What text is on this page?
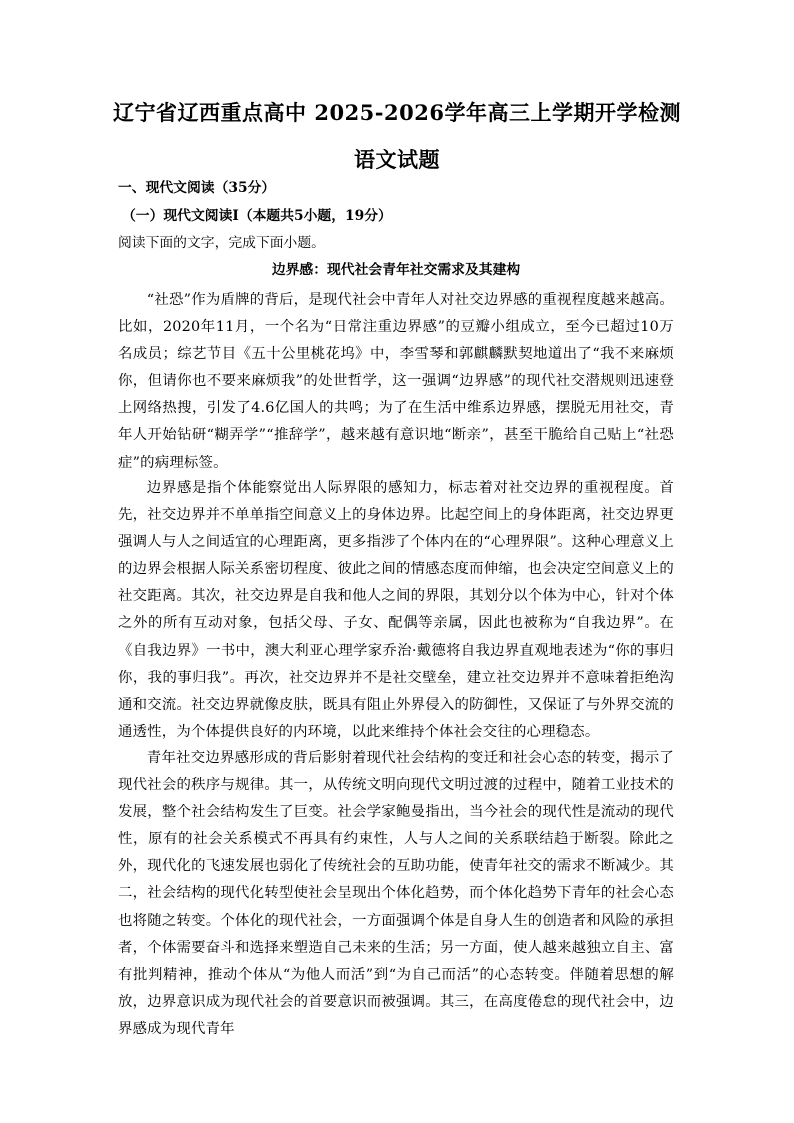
辽宁省辽西重点高中 2025-2026学年高三上学期开学检测
语文试题
一、现代文阅读（35分）
（一）现代文阅读Ⅰ（本题共5小题，19分）
阅读下面的文字，完成下面小题。
边界感：现代社会青年社交需求及其建构
“社恐”作为盾牌的背后，是现代社会中青年人对社交边界感的重视程度越来越高。比如，2020年11月，一个名为“日常注重边界感”的豆瓣小组成立，至今已超过10万名成员；综艺节目《五十公里桃花坞》中，李雪琴和郭麒麟默契地道出了“我不来麻烦你，但请你也不要来麻烦我”的处世哲学，这一强调“边界感”的现代社交潜规则迅速登上网络热搜，引发了4.6亿国人的共鸣；为了在生活中维系边界感，摆脱无用社交，青年人开始钻研“糊弄学”“推辞学”，越来越有意识地“断亲”，甚至干脆给自己贴上“社恐症”的病理标签。
边界感是指个体能察觉出人际界限的感知力，标志着对社交边界的重视程度。首先，社交边界并不单单指空间意义上的身体边界。比起空间上的身体距离，社交边界更强调人与人之间适宜的心理距离，更多指涉了个体内在的“心理界限”。这种心理意义上的边界会根据人际关系密切程度、彼此之间的情感态度而伸缩，也会决定空间意义上的社交距离。其次，社交边界是自我和他人之间的界限，其划分以个体为中心，针对个体之外的所有互动对象，包括父母、子女、配偶等亲属，因此也被称为“自我边界”。在《自我边界》一书中，澳大利亚心理学家乔治·戴德将自我边界直观地表述为“你的事归你，我的事归我”。再次，社交边界并不是社交壁垒，建立社交边界并不意味着拒绝沟通和交流。社交边界就像皮肤，既具有阻止外界侵入的防御性，又保证了与外界交流的通透性，为个体提供良好的内环境，以此来维持个体社会交往的心理稳态。
青年社交边界感形成的背后影射着现代社会结构的变迁和社会心态的转变，揭示了现代社会的秩序与规律。其一，从传统文明向现代文明过渡的过程中，随着工业技术的发展，整个社会结构发生了巨变。社会学家鲍曼指出，当今社会的现代性是流动的现代性，原有的社会关系模式不再具有约束性，人与人之间的关系联结趋于断裂。除此之外，现代化的飞速发展也弱化了传统社会的互助功能，使青年社交的需求不断减少。其二，社会结构的现代化转型使社会呈现出个体化趋势，而个体化趋势下青年的社会心态也将随之转变。个体化的现代社会，一方面强调个体是自身人生的创造者和风险的承担者，个体需要奋斗和选择来塑造自己未来的生活；另一方面，使人越来越独立自主、富有批判精神，推动个体从“为他人而活”到“为自己而活”的心态转变。伴随着思想的解放，边界意识成为现代社会的首要意识而被强调。其三，在高度倦怠的现代社会中，边界感成为现代青年
